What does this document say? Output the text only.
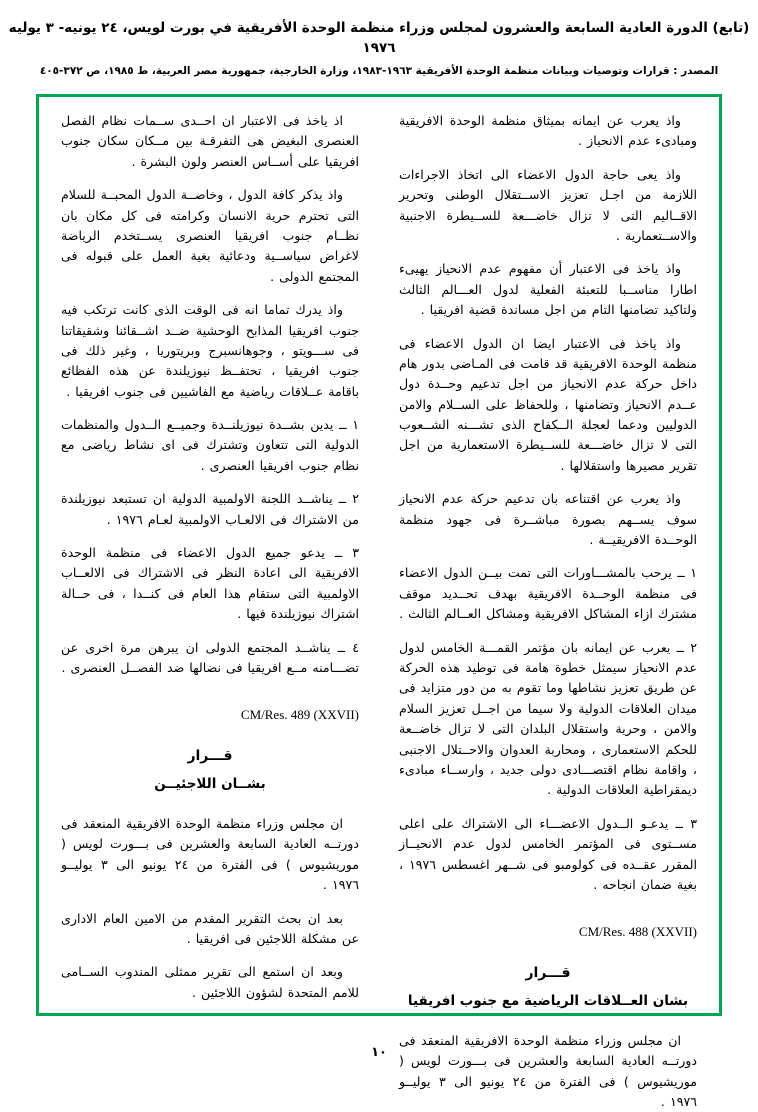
(تابع) الدورة العادية السابعة والعشرون لمجلس وزراء منظمة الوحدة الأفريقية في بورت لويس، ٢٤ يونيه- ٣ يوليه ١٩٧٦
المصدر : قرارات وتوصيات وبيانات منظمة الوحدة الأفريقية ١٩٦٣-١٩٨٣، وزارة الخارجية، جمهورية مصر العربية، ط ١٩٨٥، ص ٣٧٢-٤٠٥

واذ يعرب عن ايمانه بميثاق منظمة الوحدة الافريقية ومبادىء عدم الانحياز .

واذ يعى حاجة الدول الاعضاء الى اتخاذ الاجراءات اللازمة من اجـل تعزيز الاســتقلال الوطنى وتحرير الاقــاليم التى لا تزال خاضـــعة للســيطرة الاجنبية والاســتعمارية .

واذ ياخذ فى الاعتبار أن مفهوم عدم الانحياز يهيىء اطارا مناســبا للتعبئة الفعلية لدول العـــالم الثالث ولتاكيد تضامنها التام من اجل مساندة قضية افريقيا .

واذ ياخذ فى الاعتبار ايضا ان الدول الاعضاء فى منظمة الوحدة الافريقية قد قامت فى المـاضى بدور هام داخل حركة عدم الانحياز من اجل تدعيم وحــدة دول عــدم الانحياز وتضامنها ، وللحفاظ على الســلام والامن الدوليين ودعما لعجلة الــكفاح الذى تشـــنه الشــعوب التى لا تزال خاضـــعة للســيطرة الاستعمارية من اجل تقرير مصيرها واستقلالها .

واذ يعرب عن اقتناعه بان تدعيم حركة عدم الانحياز سوف يســهم بصورة مباشــرة فى جهود منظمة الوحــدة الافريقيــة .

١ ــ يرحب بالمشـــاورات التى تمت بيــن الدول الاعضاء فى منظمة الوحــدة الافريقية بهدف تحــديد موقف مشترك ازاء المشاكل الافريقية ومشاكل العــالم الثالث .

٢ ــ يعرب عن ايمانه بان مؤتمر القمـــة الخامس لدول عدم الانحياز سيمثل خطوة هامة فى توطيد هذه الحركة عن طريق تعزيز نشاطها وما تقوم به من دور متزايد فى ميدان العلاقات الدولية ولا سيما من اجــل تعزيز السلام والامن ، وحرية واستقلال البلدان التى لا تزال خاضــعة للحكم الاستعمارى ، ومحاربة العدوان والاحــتلال الاجنبى ، واقامة نظام اقتصـــادى دولى جديد ، وارســاء مبادىء ديمقراطية العلاقات الدولية .

٣ ــ يدعـو الــدول الاعضـــاء الى الاشتراك على اعلى مســتوى فى المؤتمر الخامس لدول عدم الانحيــاز المقرر عقــده فى كولومبو فى شــهر اغسطس ١٩٧٦ ، بغية ضمان انجاحه .

CM/Res. 488 (XXVII)

قـــرار

بشان العــلاقات الرياضية مع جنوب افريقيا

ان مجلس وزراء منظمة الوحدة الافريقية المنعقد فى دورتــه العادية السابعة والعشرين فى بـــورت لويس ( موريشيوس ) فى الفترة من ٢٤ يونيو الى ٣ يوليــو ١٩٧٦ .

اذ ياخذ فى الاعتبار ان احــدى ســمات نظام الفصل العنصرى البغيض هى التفرقـة بين مــكان سكان جنوب افريقيا على أســاس العنصر ولون البشرة .

واذ يذكر كافة الدول ، وخاصــة الدول المحبــة للسلام التى تحترم حرية الانسان وكرامته فى كل مكان بان نظــام جنوب افريقيا العنصرى يســتخدم الرياضة لاغراض سياســية ودعائية بغية العمل على قبوله فى المجتمع الدولى .

واذ يدرك تماما انه فى الوقت الذى كانت ترتكب فيه جنوب افريقيا المذابح الوحشية ضــد اشــقائنا وشقيقاتنا فى ســـويتو ، وجوهانسبرج وبريتوريا ، وغير ذلك فى جنوب افريقيا ، تحتفــظ نيوزيلندة عن هذه الفظائع باقامة عــلاقات رياضية مع الفاشيين فى جنوب افريقيا .

١ ــ يدين بشــدة نيوزيلنــدة وجميــع الــدول والمنظمات الدولية التى تتعاون وتشترك فى اى نشاط رياضى مع نظام جنوب افريقيا العنصرى .

٢ ــ يناشــد اللجنة الاولمبية الدولية ان تستبعد نيوزيلندة من الاشتراك فى الالعـاب الاولمبية لعـام ١٩٧٦ .

٣ ــ يدعو جميع الدول الاعضاء فى منظمة الوحدة الافريقية الى اعادة النظر فى الاشتراك فى الالعــاب الاولمبية التى ستقام هذا العام فى كنــدا ، فى حــالة اشتراك نيوزيلندة فيها .

٤ ــ يناشــد المجتمع الدولى ان يبرهن مرة اخرى عن تضـــامنه مــع افريقيا فى نضالها ضد الفصــل العنصرى .

CM/Res. 489 (XXVII)

قـــرار

بشــان اللاجئيــن

ان مجلس وزراء منظمة الوحدة الافريقية المنعقد فى دورتــه العادية السابعة والعشرين فى بـــورت لويس ( موريشيوس ) فى الفترة من ٢٤ يونيو الى ٣ يوليــو ١٩٧٦ .

بعد ان بحث التقرير المقدم من الامين العام الادارى عن مشكلة اللاجئين فى افريقيا .

وبعد ان استمع الى تقرير ممثلى المندوب الســامى للامم المتحدة لشؤون اللاجئين .

١٠
